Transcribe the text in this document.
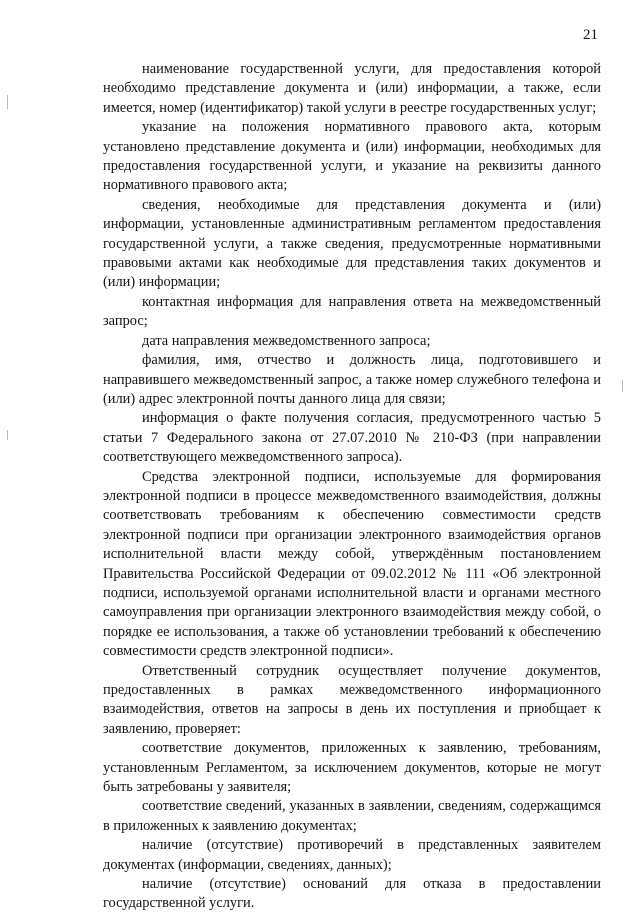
21

наименование государственной услуги, для предоставления которой необходимо представление документа и (или) информации, а также, если имеется, номер (идентификатор) такой услуги в реестре государственных услуг;

указание на положения нормативного правового акта, которым установлено представление документа и (или) информации, необходимых для предоставления государственной услуги, и указание на реквизиты данного нормативного правового акта;

сведения, необходимые для представления документа и (или) информации, установленные административным регламентом предоставления государственной услуги, а также сведения, предусмотренные нормативными правовыми актами как необходимые для представления таких документов и (или) информации;

контактная информация для направления ответа на межведомственный запрос;

дата направления межведомственного запроса;

фамилия, имя, отчество и должность лица, подготовившего и направившего межведомственный запрос, а также номер служебного телефона и (или) адрес электронной почты данного лица для связи;

информация о факте получения согласия, предусмотренного частью 5 статьи 7 Федерального закона от 27.07.2010 № 210-ФЗ (при направлении соответствующего межведомственного запроса).

Средства электронной подписи, используемые для формирования электронной подписи в процессе межведомственного взаимодействия, должны соответствовать требованиям к обеспечению совместимости средств электронной подписи при организации электронного взаимодействия органов исполнительной власти между собой, утверждённым постановлением Правительства Российской Федерации от 09.02.2012 № 111 «Об электронной подписи, используемой органами исполнительной власти и органами местного самоуправления при организации электронного взаимодействия между собой, о порядке ее использования, а также об установлении требований к обеспечению совместимости средств электронной подписи».

Ответственный сотрудник осуществляет получение документов, предоставленных в рамках межведомственного информационного взаимодействия, ответов на запросы в день их поступления и приобщает к заявлению, проверяет:

соответствие документов, приложенных к заявлению, требованиям, установленным Регламентом, за исключением документов, которые не могут быть затребованы у заявителя;

соответствие сведений, указанных в заявлении, сведениям, содержащимся в приложенных к заявлению документах;

наличие (отсутствие) противоречий в представленных заявителем документах (информации, сведениях, данных);

наличие (отсутствие) оснований для отказа в предоставлении государственной услуги.
